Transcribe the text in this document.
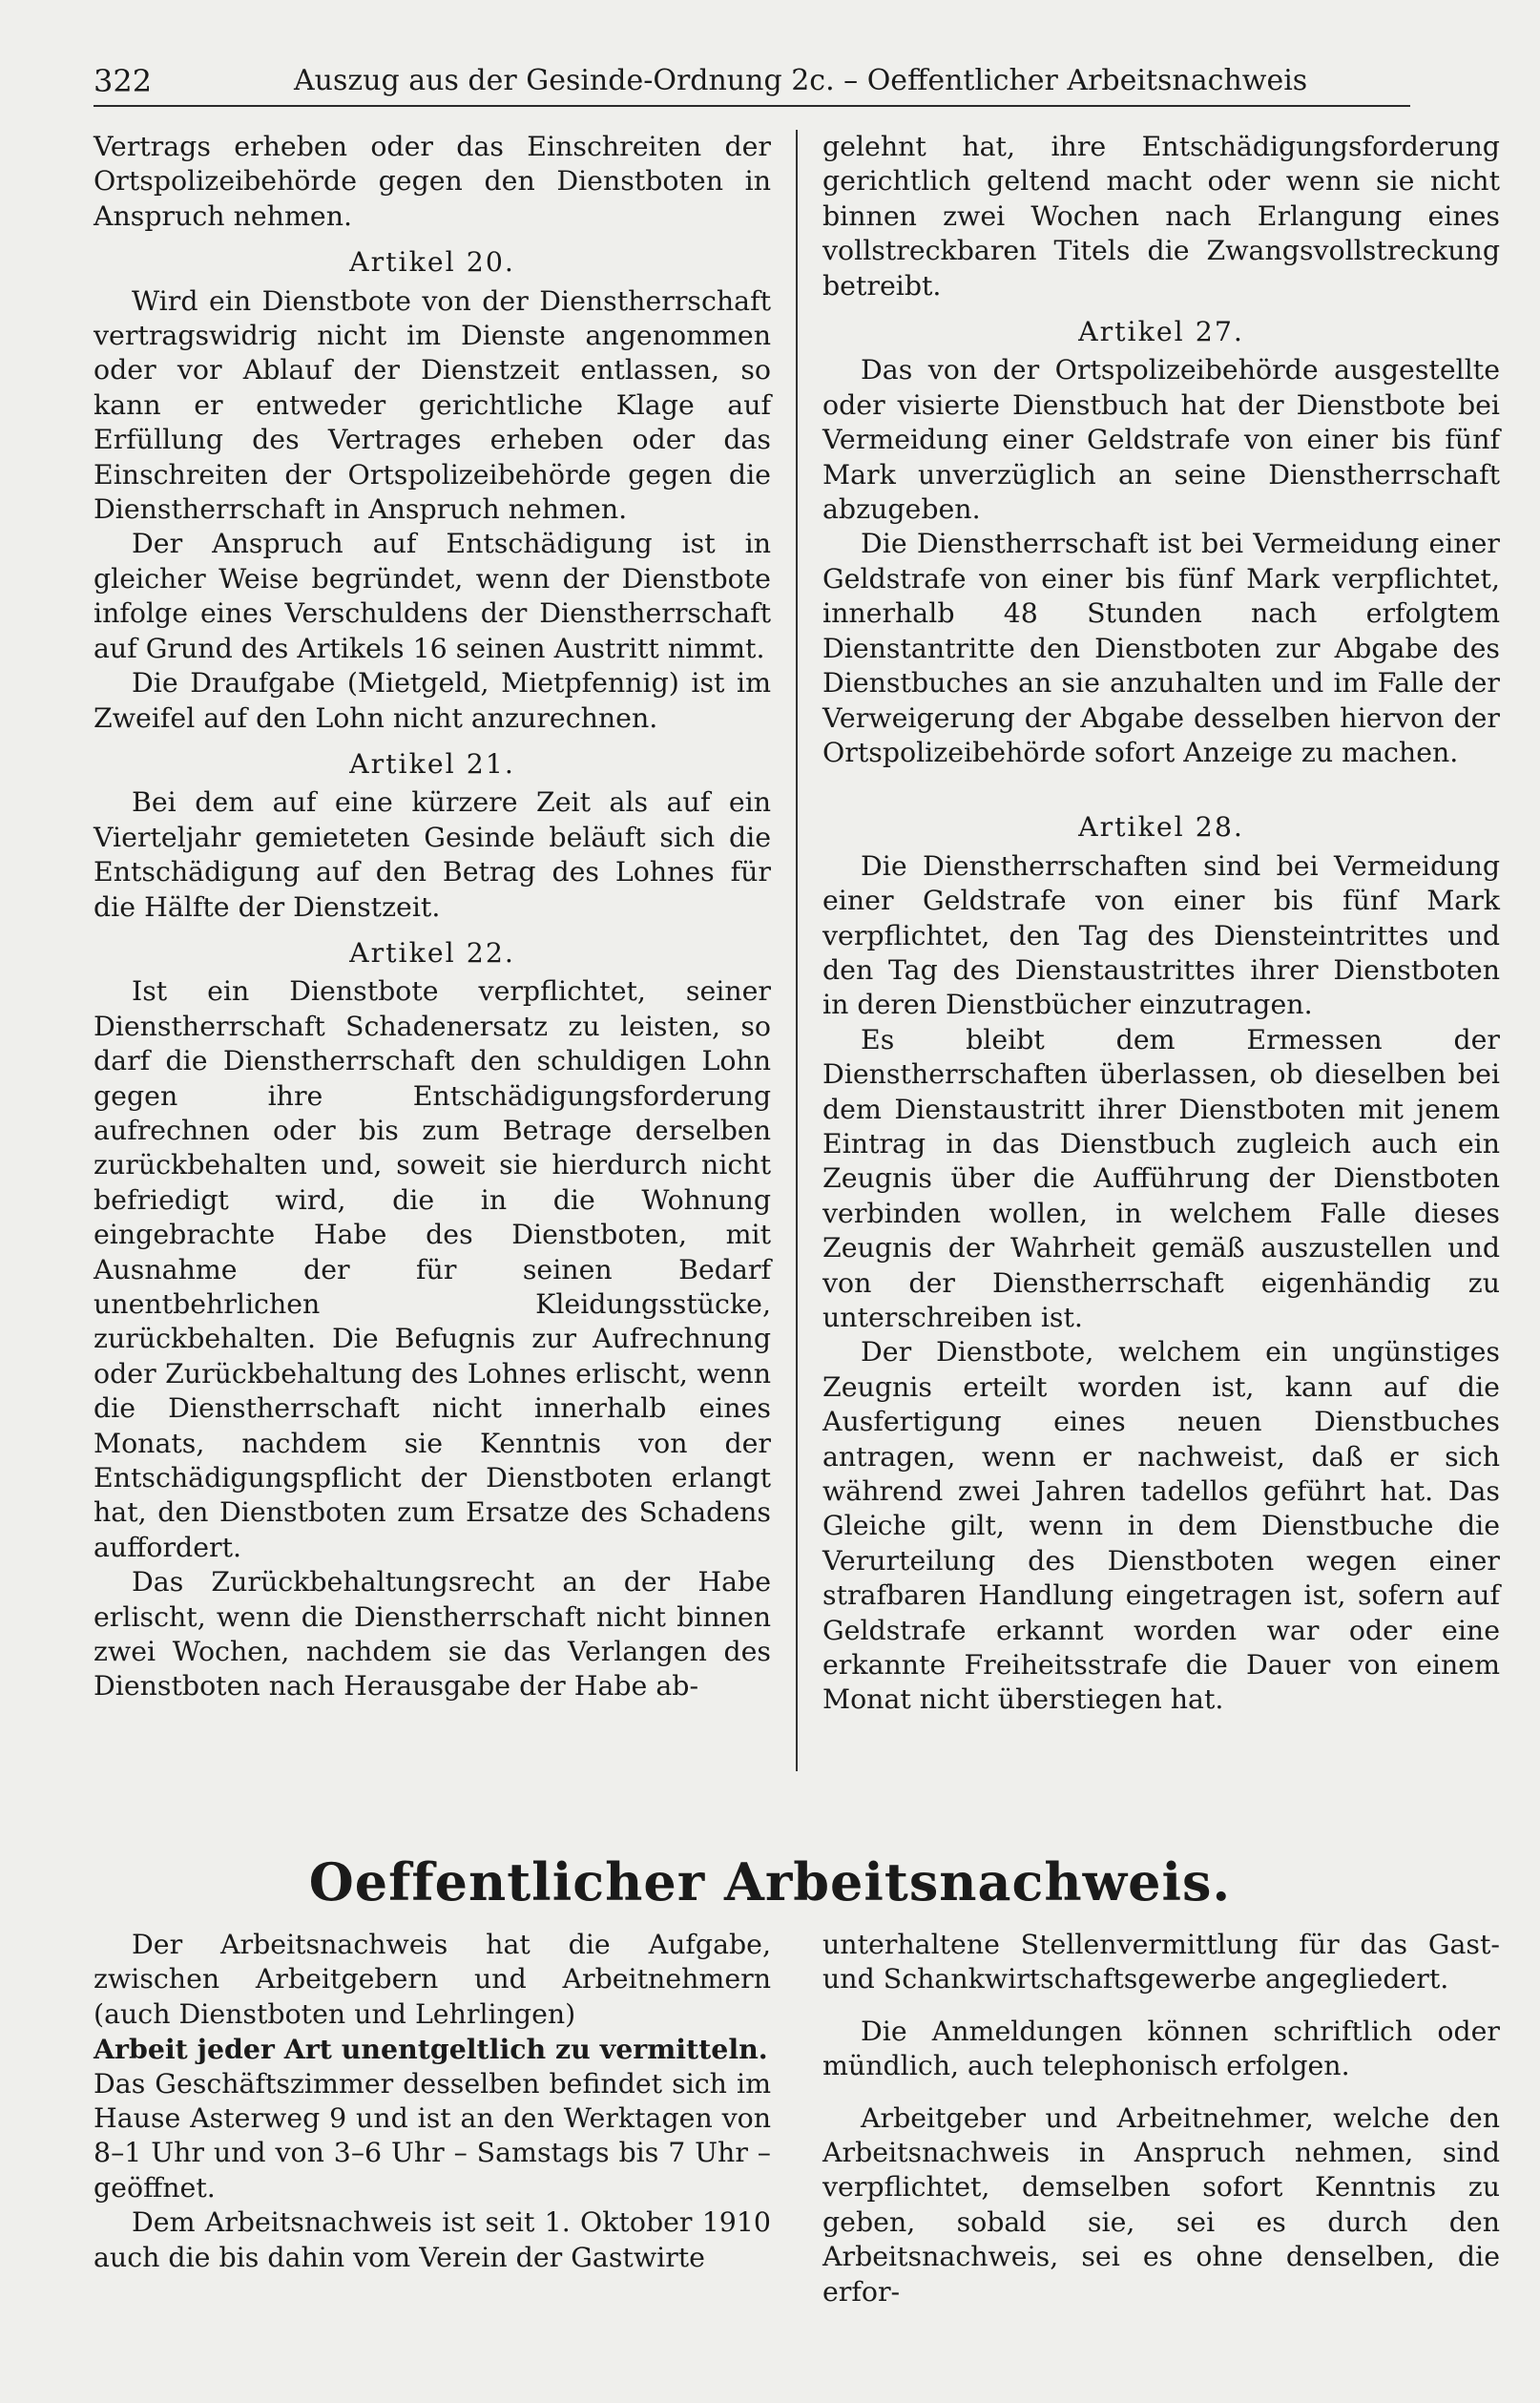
322	Auszug aus der Gesinde-Ordnung 2c. – Oeffentlicher Arbeitsnachweis

Vertrags erheben oder das Einschreiten der Ortspolizeibehörde gegen den Dienstboten in Anspruch nehmen.

Artikel 20.

Wird ein Dienstbote von der Dienstherrschaft vertragswidrig nicht im Dienste angenommen oder vor Ablauf der Dienstzeit entlassen, so kann er entweder gerichtliche Klage auf Erfüllung des Vertrages erheben oder das Einschreiten der Ortspolizeibehörde gegen die Dienstherrschaft in Anspruch nehmen.

Der Anspruch auf Entschädigung ist in gleicher Weise begründet, wenn der Dienstbote infolge eines Verschuldens der Dienstherrschaft auf Grund des Artikels 16 seinen Austritt nimmt.

Die Draufgabe (Mietgeld, Mietpfennig) ist im Zweifel auf den Lohn nicht anzurechnen.

Artikel 21.

Bei dem auf eine kürzere Zeit als auf ein Vierteljahr gemieteten Gesinde beläuft sich die Entschädigung auf den Betrag des Lohnes für die Hälfte der Dienstzeit.

Artikel 22.

Ist ein Dienstbote verpflichtet, seiner Dienstherrschaft Schadenersatz zu leisten, so darf die Dienstherrschaft den schuldigen Lohn gegen ihre Entschädigungsforderung aufrechnen oder bis zum Betrage derselben zurückbehalten und, soweit sie hierdurch nicht befriedigt wird, die in die Wohnung eingebrachte Habe des Dienstboten, mit Ausnahme der für seinen Bedarf unentbehrlichen Kleidungsstücke, zurückbehalten. Die Befugnis zur Aufrechnung oder Zurückbehaltung des Lohnes erlischt, wenn die Dienstherrschaft nicht innerhalb eines Monats, nachdem sie Kenntnis von der Entschädigungspflicht der Dienstboten erlangt hat, den Dienstboten zum Ersatze des Schadens auffordert.

Das Zurückbehaltungsrecht an der Habe erlischt, wenn die Dienstherrschaft nicht binnen zwei Wochen, nachdem sie das Verlangen des Dienstboten nach Herausgabe der Habe ab-

gelehnt hat, ihre Entschädigungsforderung gerichtlich geltend macht oder wenn sie nicht binnen zwei Wochen nach Erlangung eines vollstreckbaren Titels die Zwangsvollstreckung betreibt.

Artikel 27.

Das von der Ortspolizeibehörde ausgestellte oder visierte Dienstbuch hat der Dienstbote bei Vermeidung einer Geldstrafe von einer bis fünf Mark unverzüglich an seine Dienstherrschaft abzugeben.

Die Dienstherrschaft ist bei Vermeidung einer Geldstrafe von einer bis fünf Mark verpflichtet, innerhalb 48 Stunden nach erfolgtem Dienstantritte den Dienstboten zur Abgabe des Dienstbuches an sie anzuhalten und im Falle der Verweigerung der Abgabe desselben hiervon der Ortspolizeibehörde sofort Anzeige zu machen.

Artikel 28.

Die Dienstherrschaften sind bei Vermeidung einer Geldstrafe von einer bis fünf Mark verpflichtet, den Tag des Diensteintrittes und den Tag des Dienstaustrittes ihrer Dienstboten in deren Dienstbücher einzutragen.

Es bleibt dem Ermessen der Dienstherrschaften überlassen, ob dieselben bei dem Dienstaustritt ihrer Dienstboten mit jenem Eintrag in das Dienstbuch zugleich auch ein Zeugnis über die Aufführung der Dienstboten verbinden wollen, in welchem Falle dieses Zeugnis der Wahrheit gemäß auszustellen und von der Dienstherrschaft eigenhändig zu unterschreiben ist.

Der Dienstbote, welchem ein ungünstiges Zeugnis erteilt worden ist, kann auf die Ausfertigung eines neuen Dienstbuches antragen, wenn er nachweist, daß er sich während zwei Jahren tadellos geführt hat. Das Gleiche gilt, wenn in dem Dienstbuche die Verurteilung des Dienstboten wegen einer strafbaren Handlung eingetragen ist, sofern auf Geldstrafe erkannt worden war oder eine erkannte Freiheitsstrafe die Dauer von einem Monat nicht überstiegen hat.

Oeffentlicher Arbeitsnachweis.

Der Arbeitsnachweis hat die Aufgabe, zwischen Arbeitgebern und Arbeitnehmern (auch Dienstboten und Lehrlingen)

Arbeit jeder Art unentgeltlich zu vermitteln.

Das Geschäftszimmer desselben befindet sich im Hause Asterweg 9 und ist an den Werktagen von 8–1 Uhr und von 3–6 Uhr – Samstags bis 7 Uhr – geöffnet.

Dem Arbeitsnachweis ist seit 1. Oktober 1910 auch die bis dahin vom Verein der Gastwirte

unterhaltene Stellenvermittlung für das Gast- und Schankwirtschaftsgewerbe angegliedert.

Die Anmeldungen können schriftlich oder mündlich, auch telephonisch erfolgen.

Arbeitgeber und Arbeitnehmer, welche den Arbeitsnachweis in Anspruch nehmen, sind verpflichtet, demselben sofort Kenntnis zu geben, sobald sie, sei es durch den Arbeitsnachweis, sei es ohne denselben, die erfor-
